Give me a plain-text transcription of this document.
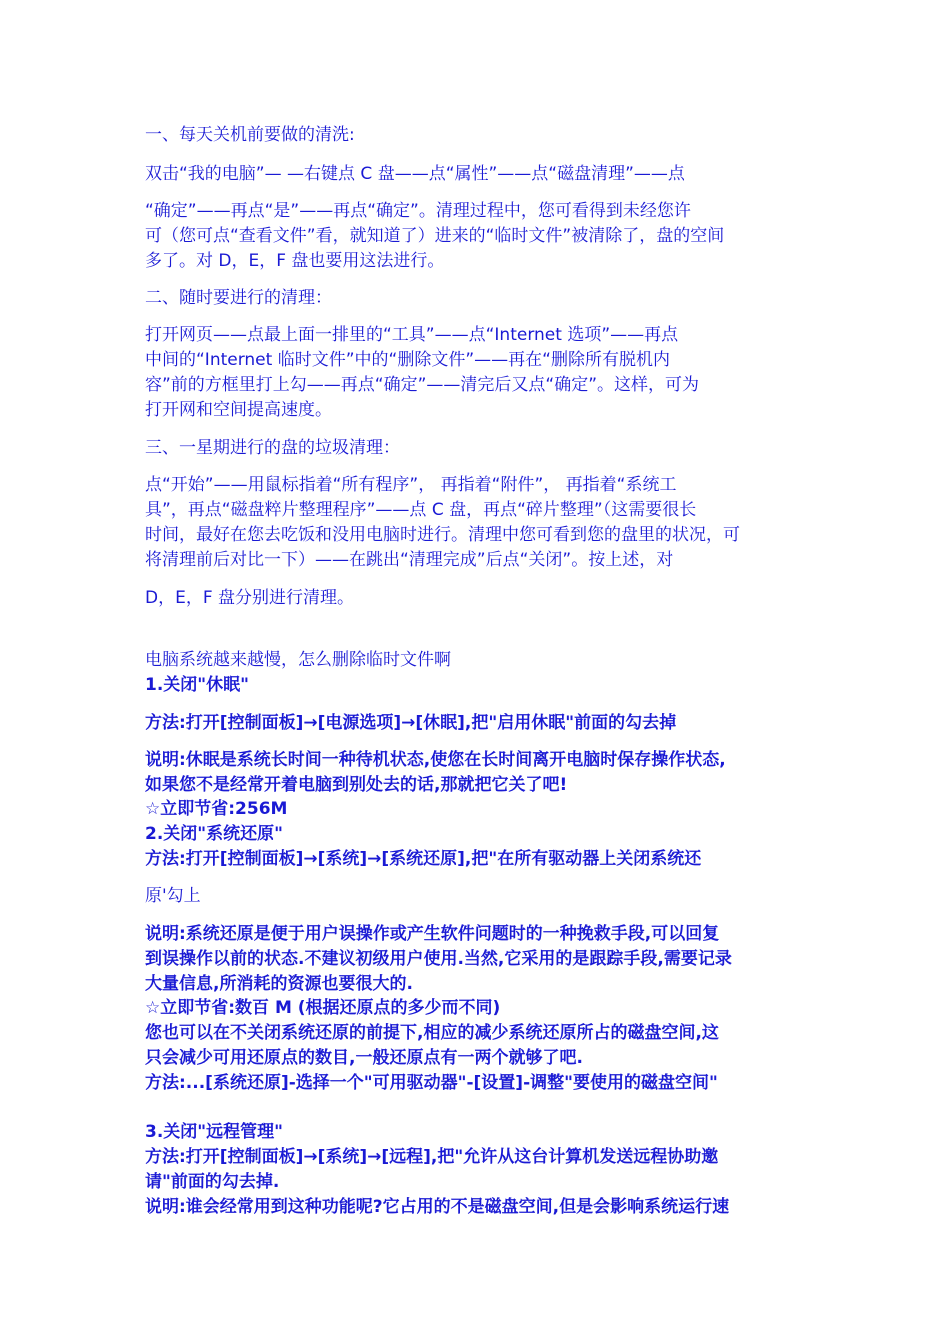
一、每天关机前要做的清洗:
双击“我的电脑”— —右键点 C 盘——点“属性”——点“磁盘清理”——点
“确定”——再点“是”——再点“确定”。清理过程中，您可看得到未经您许
可（您可点“查看文件”看，就知道了）进来的“临时文件”被清除了，盘的空间
多了。对 D，E，F 盘也要用这法进行。
二、随时要进行的清理：
打开网页——点最上面一排里的“工具”——点“Internet 选项”——再点
中间的“Internet 临时文件”中的“删除文件”——再在“删除所有脱机内
容”前的方框里打上勾——再点“确定”——清完后又点“确定”。这样，可为
打开网和空间提高速度。
三、一星期进行的盘的垃圾清理：
点“开始”——用鼠标指着“所有程序”， 再指着“附件”， 再指着“系统工
具”，再点“磁盘粹片整理程序”——点 C 盘，再点“碎片整理”（这需要很长
时间，最好在您去吃饭和没用电脑时进行。清理中您可看到您的盘里的状况，可
将清理前后对比一下）——在跳出“清理完成”后点“关闭”。按上述，对
D，E，F 盘分别进行清理。
电脑系统越来越慢，怎么删除临时文件啊
1.关闭"休眠"
方法:打开[控制面板]→[电源选项]→[休眠],把"启用休眠"前面的勾去掉
说明:休眠是系统长时间一种待机状态,使您在长时间离开电脑时保存操作状态,
如果您不是经常开着电脑到别处去的话,那就把它关了吧!
☆立即节省:256M
2.关闭"系统还原"
方法:打开[控制面板]→[系统]→[系统还原],把"在所有驱动器上关闭系统还
原'勾上
说明:系统还原是便于用户误操作或产生软件问题时的一种挽救手段,可以回复
到误操作以前的状态.不建议初级用户使用.当然,它采用的是跟踪手段,需要记录
大量信息,所消耗的资源也要很大的.
☆立即节省:数百 M (根据还原点的多少而不同)
您也可以在不关闭系统还原的前提下,相应的减少系统还原所占的磁盘空间,这
只会减少可用还原点的数目,一般还原点有一两个就够了吧.
方法:...[系统还原]-选择一个"可用驱动器"-[设置]-调整"要使用的磁盘空间"
3.关闭"远程管理"
方法:打开[控制面板]→[系统]→[远程],把"允许从这台计算机发送远程协助邀
请"前面的勾去掉.
说明:谁会经常用到这种功能呢?它占用的不是磁盘空间,但是会影响系统运行速
